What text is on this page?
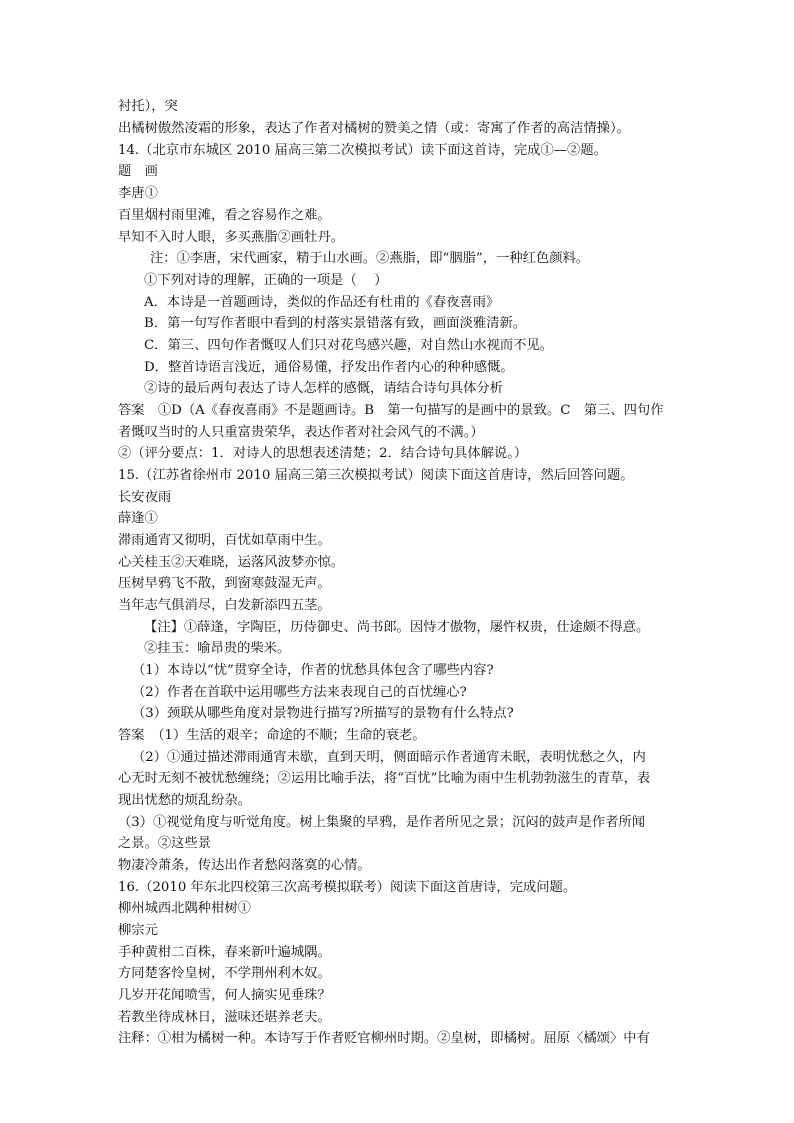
衬托），突
出橘树傲然凌霜的形象，表达了作者对橘树的赞美之情（或：寄寓了作者的高洁情操）。
14.（北京市东城区 2010 届高三第二次模拟考试）读下面这首诗，完成①—②题。
题　画
李唐①
百里烟村雨里滩，看之容易作之难。
早知不入时人眼，多买燕脂②画牡丹。
注：①李唐，宋代画家，精于山水画。②燕脂，即“胭脂”，一种红色颜料。
①下列对诗的理解，正确的一项是（　 ）
A．本诗是一首题画诗，类似的作品还有杜甫的《春夜喜雨》
B．第一句写作者眼中看到的村落实景错落有致，画面淡雅清新。
C．第三、四句作者慨叹人们只对花鸟感兴趣，对自然山水视而不见。
D．整首诗语言浅近，通俗易懂，抒发出作者内心的种种感慨。
②诗的最后两句表达了诗人怎样的感慨，请结合诗句具体分析
答案　①D（A《春夜喜雨》不是题画诗。B　第一句描写的是画中的景致。C　第三、四句作
者慨叹当时的人只重富贵荣华，表达作者对社会风气的不满。）
②（评分要点：1．对诗人的思想表述清楚；2．结合诗句具体解说。）
15.（江苏省徐州市 2010 届高三第三次模拟考试）阅读下面这首唐诗，然后回答问题。
长安夜雨
薛逢①
滞雨通宵又彻明，百忧如草雨中生。
心关桂玉②天难晓，运落风波梦亦惊。
压树早鸦飞不散，到窗寒鼓湿无声。
当年志气俱消尽，白发新添四五茎。
【注】①薛逢，字陶臣，历侍御史、尚书郎。因恃才傲物，屡忤权贵，仕途颇不得意。
②挂玉：喻昂贵的柴米。
（1）本诗以“忧”贯穿全诗，作者的忧愁具体包含了哪些内容?
（2）作者在首联中运用哪些方法来表现自己的百忧缠心?
（3）颈联从哪些角度对景物进行描写?所描写的景物有什么特点?
答案　（1）生活的艰辛；命途的不顺；生命的衰老。
（2）①通过描述滞雨通宵未歇，直到天明，侧面暗示作者通宵未眠，表明忧愁之久，内
心无时无刻不被忧愁缠绕；②运用比喻手法，将“百忧”比喻为雨中生机勃勃滋生的青草，表
现出忧愁的烦乱纷杂。
（3）①视觉角度与听觉角度。树上集聚的早鸦，是作者所见之景；沉闷的鼓声是作者所闻
之景。②这些景
物凄冷萧条，传达出作者愁闷落寞的心情。
16.（2010 年东北四校第三次高考模拟联考）阅读下面这首唐诗，完成问题。
柳州城西北隅种柑树①
柳宗元
手种黄柑二百株，春来新叶遍城隅。
方同楚客怜皇树，不学荆州利木奴。
几岁开花闻喷雪，何人摘实见垂珠？
若教坐待成林日，滋味还堪养老夫。
注释：①柑为橘树一种。本诗写于作者贬官柳州时期。②皇树，即橘树。屈原〈橘颂〉中有
